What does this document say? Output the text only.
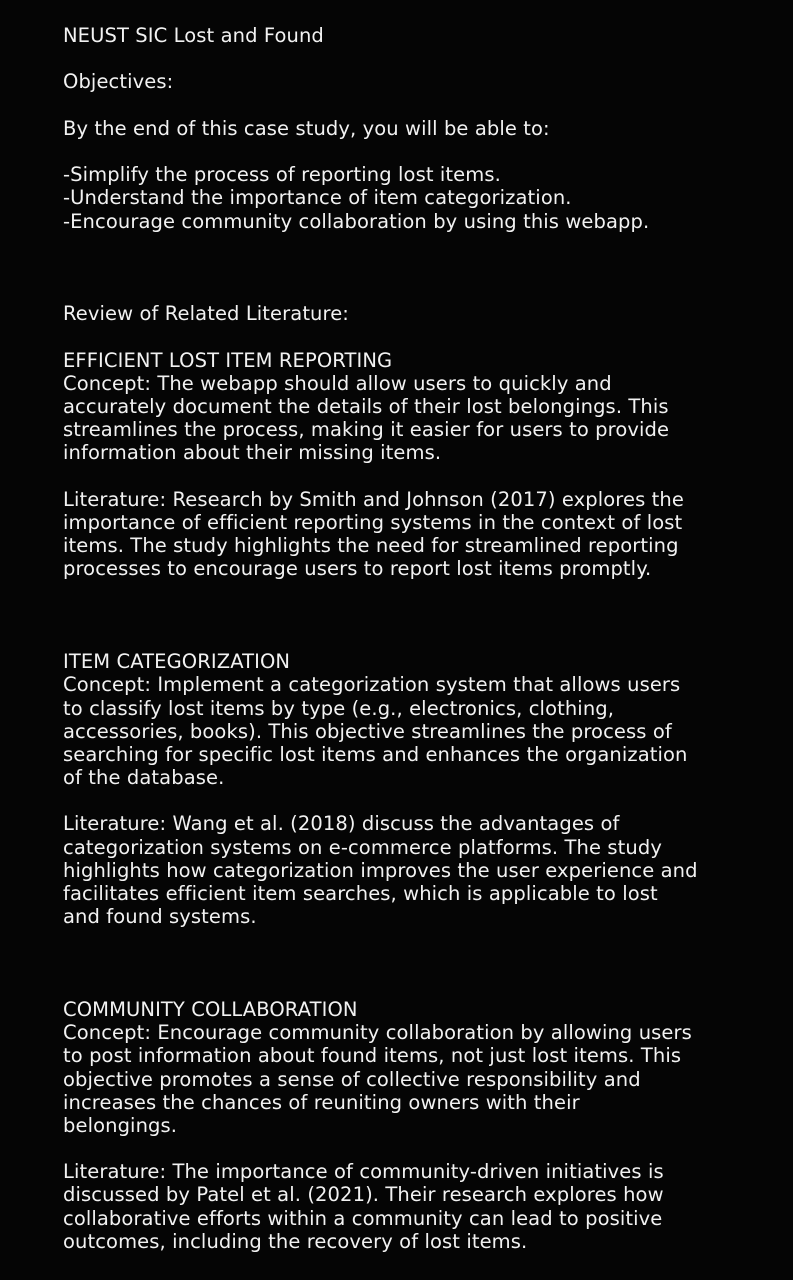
NEUST SIC Lost and Found
Objectives:
By the end of this case study, you will be able to:
-Simplify the process of reporting lost items.
-Understand the importance of item categorization.
-Encourage community collaboration by using this webapp.
Review of Related Literature:
EFFICIENT LOST ITEM REPORTING
Concept: The webapp should allow users to quickly and
accurately document the details of their lost belongings. This
streamlines the process, making it easier for users to provide
information about their missing items.
Literature: Research by Smith and Johnson (2017) explores the
importance of efficient reporting systems in the context of lost
items. The study highlights the need for streamlined reporting
processes to encourage users to report lost items promptly.
ITEM CATEGORIZATION
Concept: Implement a categorization system that allows users
to classify lost items by type (e.g., electronics, clothing,
accessories, books). This objective streamlines the process of
searching for specific lost items and enhances the organization
of the database.
Literature: Wang et al. (2018) discuss the advantages of
categorization systems on e-commerce platforms. The study
highlights how categorization improves the user experience and
facilitates efficient item searches, which is applicable to lost
and found systems.
COMMUNITY COLLABORATION
Concept: Encourage community collaboration by allowing users
to post information about found items, not just lost items. This
objective promotes a sense of collective responsibility and
increases the chances of reuniting owners with their
belongings.
Literature: The importance of community-driven initiatives is
discussed by Patel et al. (2021). Their research explores how
collaborative efforts within a community can lead to positive
outcomes, including the recovery of lost items.
